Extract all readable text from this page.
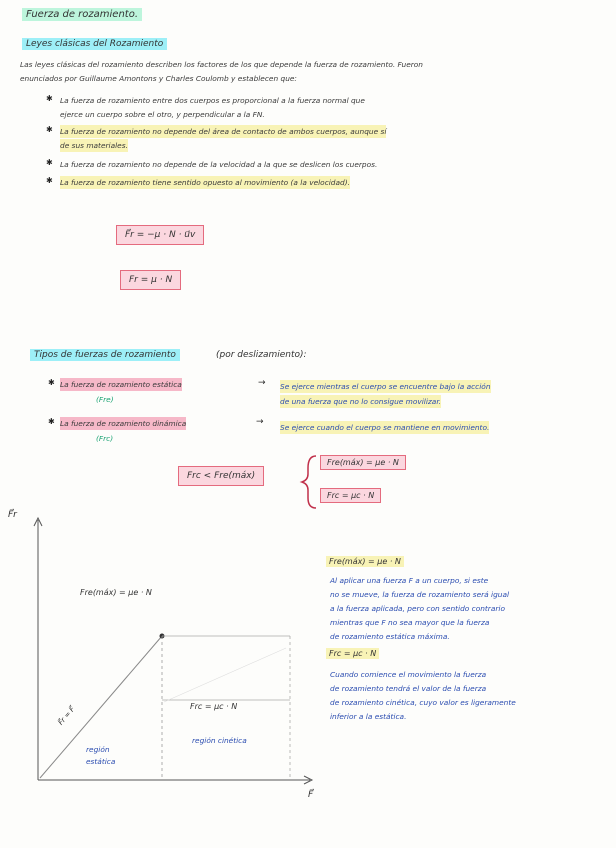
Fuerza de rozamiento.
Leyes clásicas del Rozamiento
Las leyes clásicas del rozamiento describen los factores de los que depende la fuerza de rozamiento. Fueron
enunciados por Guillaume Amontons y Charles Coulomb y establecen que:
✱ La fuerza de rozamiento entre dos cuerpos es proporcional a la fuerza normal que
ejerce un cuerpo sobre el otro, y perpendicular a la FN.
✱ La fuerza de rozamiento no depende del área de contacto de ambos cuerpos, aunque sí
de sus materiales.
✱ La fuerza de rozamiento no depende de la velocidad a la que se deslicen los cuerpos.
✱ La fuerza de rozamiento tiene sentido opuesto al movimiento (a la velocidad).
F⃗r = −μ · N · u⃗v
Fr = μ · N
Tipos de fuerzas de rozamiento	(por deslizamiento):
✱ La fuerza de rozamiento estática
(Fre)
→ Se ejerce mientras el cuerpo se encuentre bajo la acción
de una fuerza que no lo consigue movilizar.
✱ La fuerza de rozamiento dinámica
(Frc)
→
Se ejerce cuando el cuerpo se mantiene en movimiento.
Frc < Fre(máx)
Fre(máx) = μe · N
Frc = μc · N
F⃗r
F⃗
Fre(máx) = μe · N
Frc = μc · N
F⃗r = F⃗
región estática
región cinética
Fre(máx) = μe · N
Al aplicar una fuerza F a un cuerpo, si este
no se mueve, la fuerza de rozamiento será igual
a la fuerza aplicada, pero con sentido contrario
mientras que F no sea mayor que la fuerza
de rozamiento estática máxima.
Frc = μc · N
Cuando comience el movimiento la fuerza
de rozamiento tendrá el valor de la fuerza
de rozamiento cinética, cuyo valor es ligeramente
inferior a la estática.
